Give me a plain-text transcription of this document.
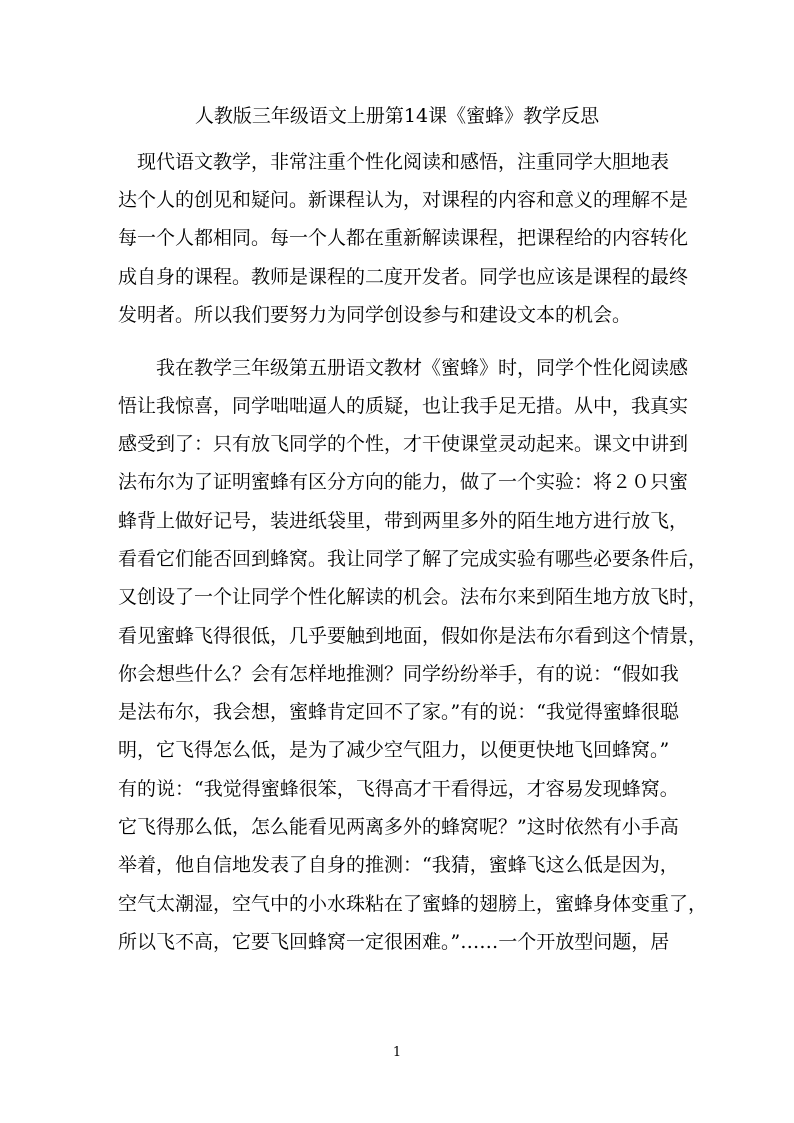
人教版三年级语文上册第14课《蜜蜂》教学反思
　现代语文教学，非常注重个性化阅读和感悟，注重同学大胆地表
达个人的创见和疑问。新课程认为，对课程的内容和意义的理解不是
每一个人都相同。每一个人都在重新解读课程，把课程给的内容转化
成自身的课程。教师是课程的二度开发者。同学也应该是课程的最终
发明者。所以我们要努力为同学创设参与和建设文本的机会。
　　我在教学三年级第五册语文教材《蜜蜂》时，同学个性化阅读感
悟让我惊喜，同学咄咄逼人的质疑，也让我手足无措。从中，我真实
感受到了：只有放飞同学的个性，才干使课堂灵动起来。课文中讲到
法布尔为了证明蜜蜂有区分方向的能力，做了一个实验：将２０只蜜
蜂背上做好记号，装进纸袋里，带到两里多外的陌生地方进行放飞，
看看它们能否回到蜂窝。我让同学了解了完成实验有哪些必要条件后，
又创设了一个让同学个性化解读的机会。法布尔来到陌生地方放飞时，
看见蜜蜂飞得很低，几乎要触到地面，假如你是法布尔看到这个情景，
你会想些什么？会有怎样地推测？同学纷纷举手，有的说：“假如我
是法布尔，我会想，蜜蜂肯定回不了家。”有的说：“我觉得蜜蜂很聪
明，它飞得怎么低，是为了减少空气阻力，以便更快地飞回蜂窝。”
有的说：“我觉得蜜蜂很笨，飞得高才干看得远，才容易发现蜂窝。
它飞得那么低，怎么能看见两离多外的蜂窝呢？”这时依然有小手高
举着，他自信地发表了自身的推测：“我猜，蜜蜂飞这么低是因为，
空气太潮湿，空气中的小水珠粘在了蜜蜂的翅膀上，蜜蜂身体变重了，
所以飞不高，它要飞回蜂窝一定很困难。”……一个开放型问题，居
1
